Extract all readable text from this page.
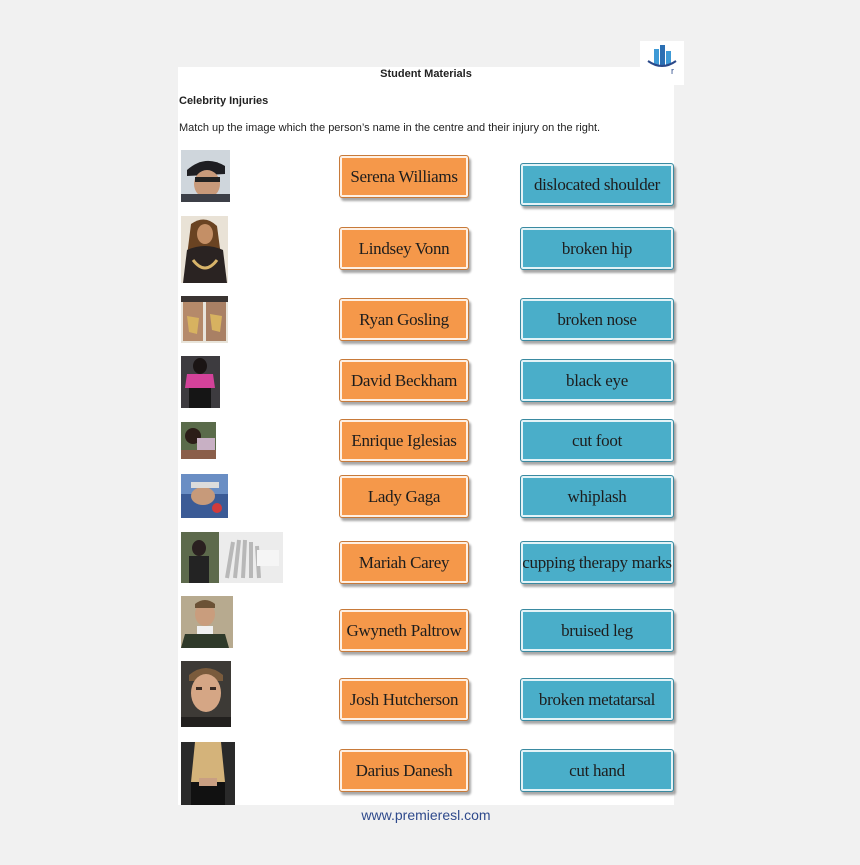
r
Student Materials
Celebrity Injuries
Match up the image which the person’s name in the centre and their injury on the right.
Serena Williams
Lindsey Vonn
Ryan Gosling
David Beckham
Enrique Iglesias
Lady Gaga
Mariah Carey
Gwyneth Paltrow
Josh Hutcherson
Darius Danesh
dislocated shoulder
broken hip
broken nose
black eye
cut foot
whiplash
cupping therapy marks
bruised leg
broken metatarsal
cut hand
www.premieresl.com
